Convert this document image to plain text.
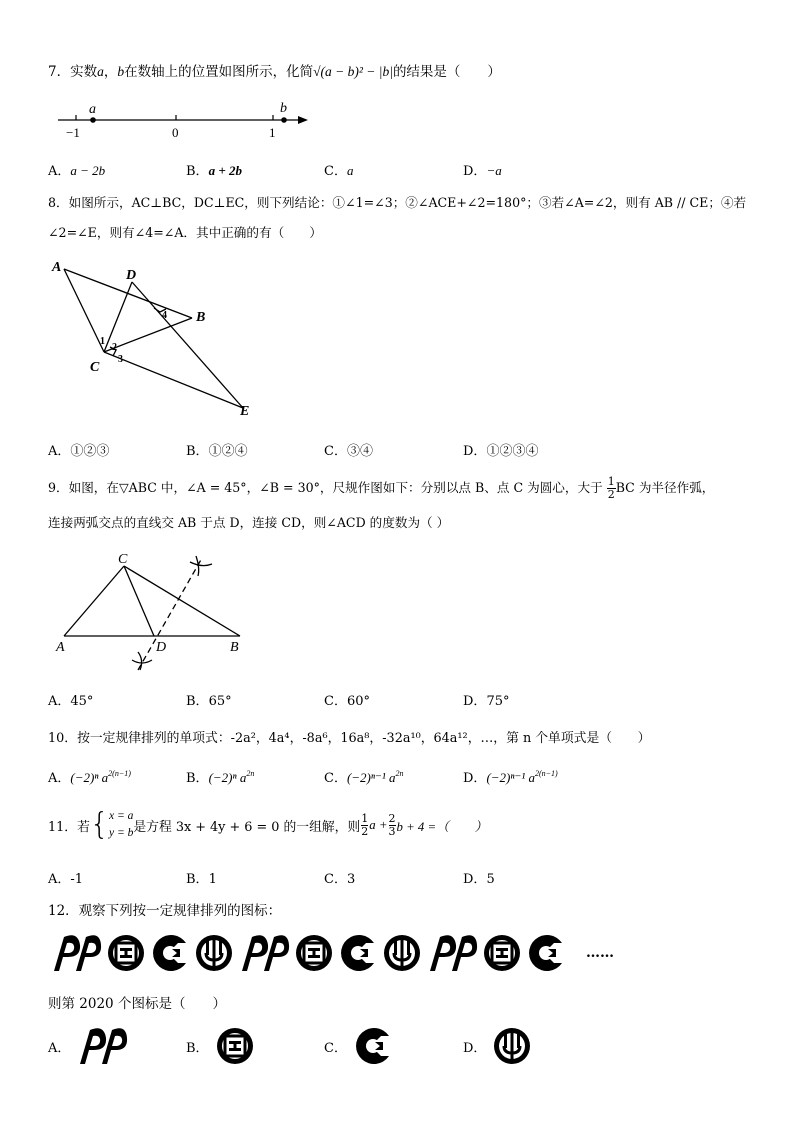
7．实数a，b在数轴上的位置如图所示，化简√(a − b)² − |b|的结果是（　　）
a	b
−1	0	1
A．a − 2b	B．a + 2b	C．a	D．−a
8．如图所示，AC⊥BC，DC⊥EC，则下列结论：①∠1=∠3；②∠ACE+∠2=180°；③若∠A=∠2，则有 AB // CE；④若
∠2=∠E，则有∠4=∠A．其中正确的有（　　）
A
D
B
C
E
1
2
3
4
A．①②③	B．①②④	C．③④	D．①②③④
9．如图，在▽ABC 中，∠A = 45°，∠B = 30°，尺规作图如下：分别以点 B、点 C 为圆心，大于 $\frac{1}{2}$ BC 为半径作弧，
连接两弧交点的直线交 AB 于点 D，连接 CD，则∠ACD 的度数为（ ）
A
C
D	B
A．45°	B．65°	C．60°	D．75°
10．按一定规律排列的单项式：-2a²，4a⁴，-8a⁶，16a⁸，-32a¹⁰，64a¹²，…，第 n 个单项式是（　　）
A．(−2)ⁿ $a^{2(n-1)}$	B．(−2)ⁿ $a^{2n}$	C．(−2)ⁿ⁻¹ $a^{2n}$	D．(−2)ⁿ⁻¹ $a^{2(n-1)}$
11．若 { x = a
y = b 是方程 3x + 4y + 6 = 0 的一组解，则
1
2 $a + \frac{2}{3}$ b + 4 =（　　）
A．-1	B．1	C．3	D．5
12．观察下列按一定规律排列的图标：
……
则第 2020 个图标是（　　）
A．	B．	C．	D．
